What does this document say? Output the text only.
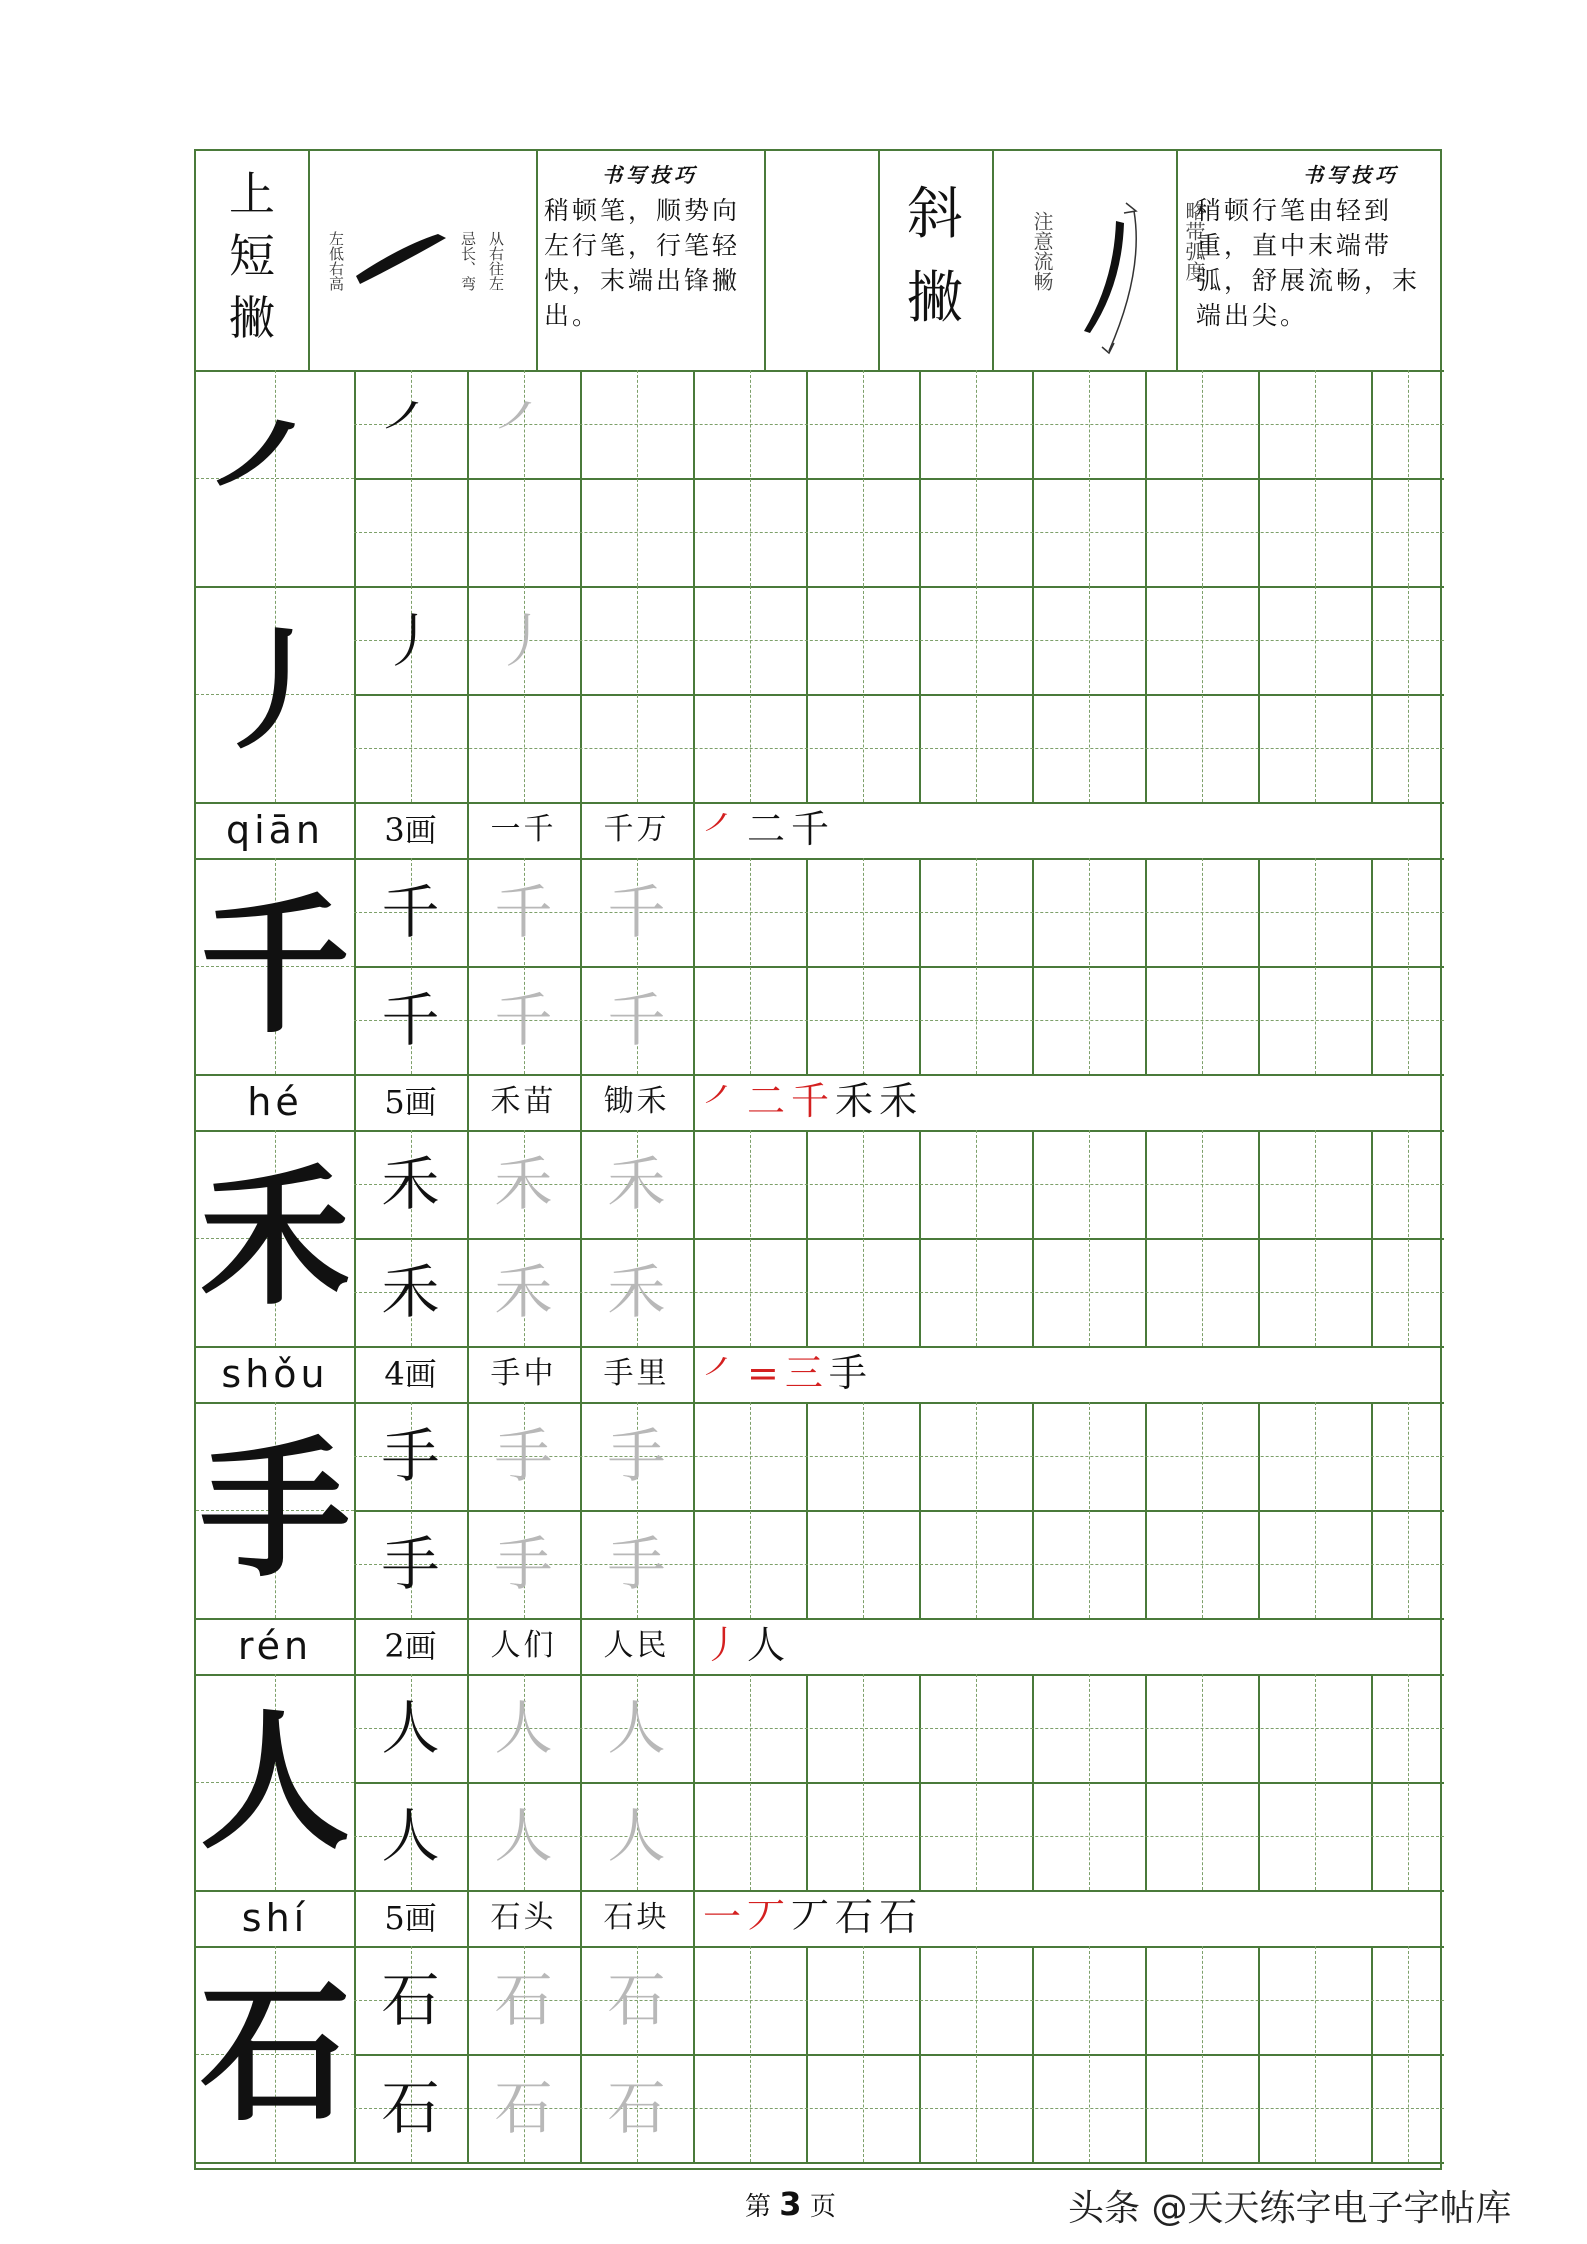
上
短
撇
从右往左
忌长、弯
左低右高
书写技巧
稍顿笔，顺势向左行笔，行笔轻快，末端出锋撇出。
斜
撇
注意流畅	略带弧度
书写技巧
稍顿行笔由轻到重，直中末端带弧，舒展流畅，末端出尖。
㇒ ㇒ ㇒
丿 丿 丿
qiān	3画	一千	千万 ㇒二千
千 千 千 千
千 千 千
hé	5画	禾苗	锄禾 ㇒二千禾禾
禾 禾 禾 禾
禾 禾 禾
shǒu	4画	手中	手里 ㇒=三手
手 手 手 手
手 手 手
rén	2画	人们	人民 丿人
人 人 人 人
人 人 人
shí	5画	石头	石块 一丆丆石石
石 石 石 石
石 石 石
第 3 页	头条 @天天练字电子字帖库
